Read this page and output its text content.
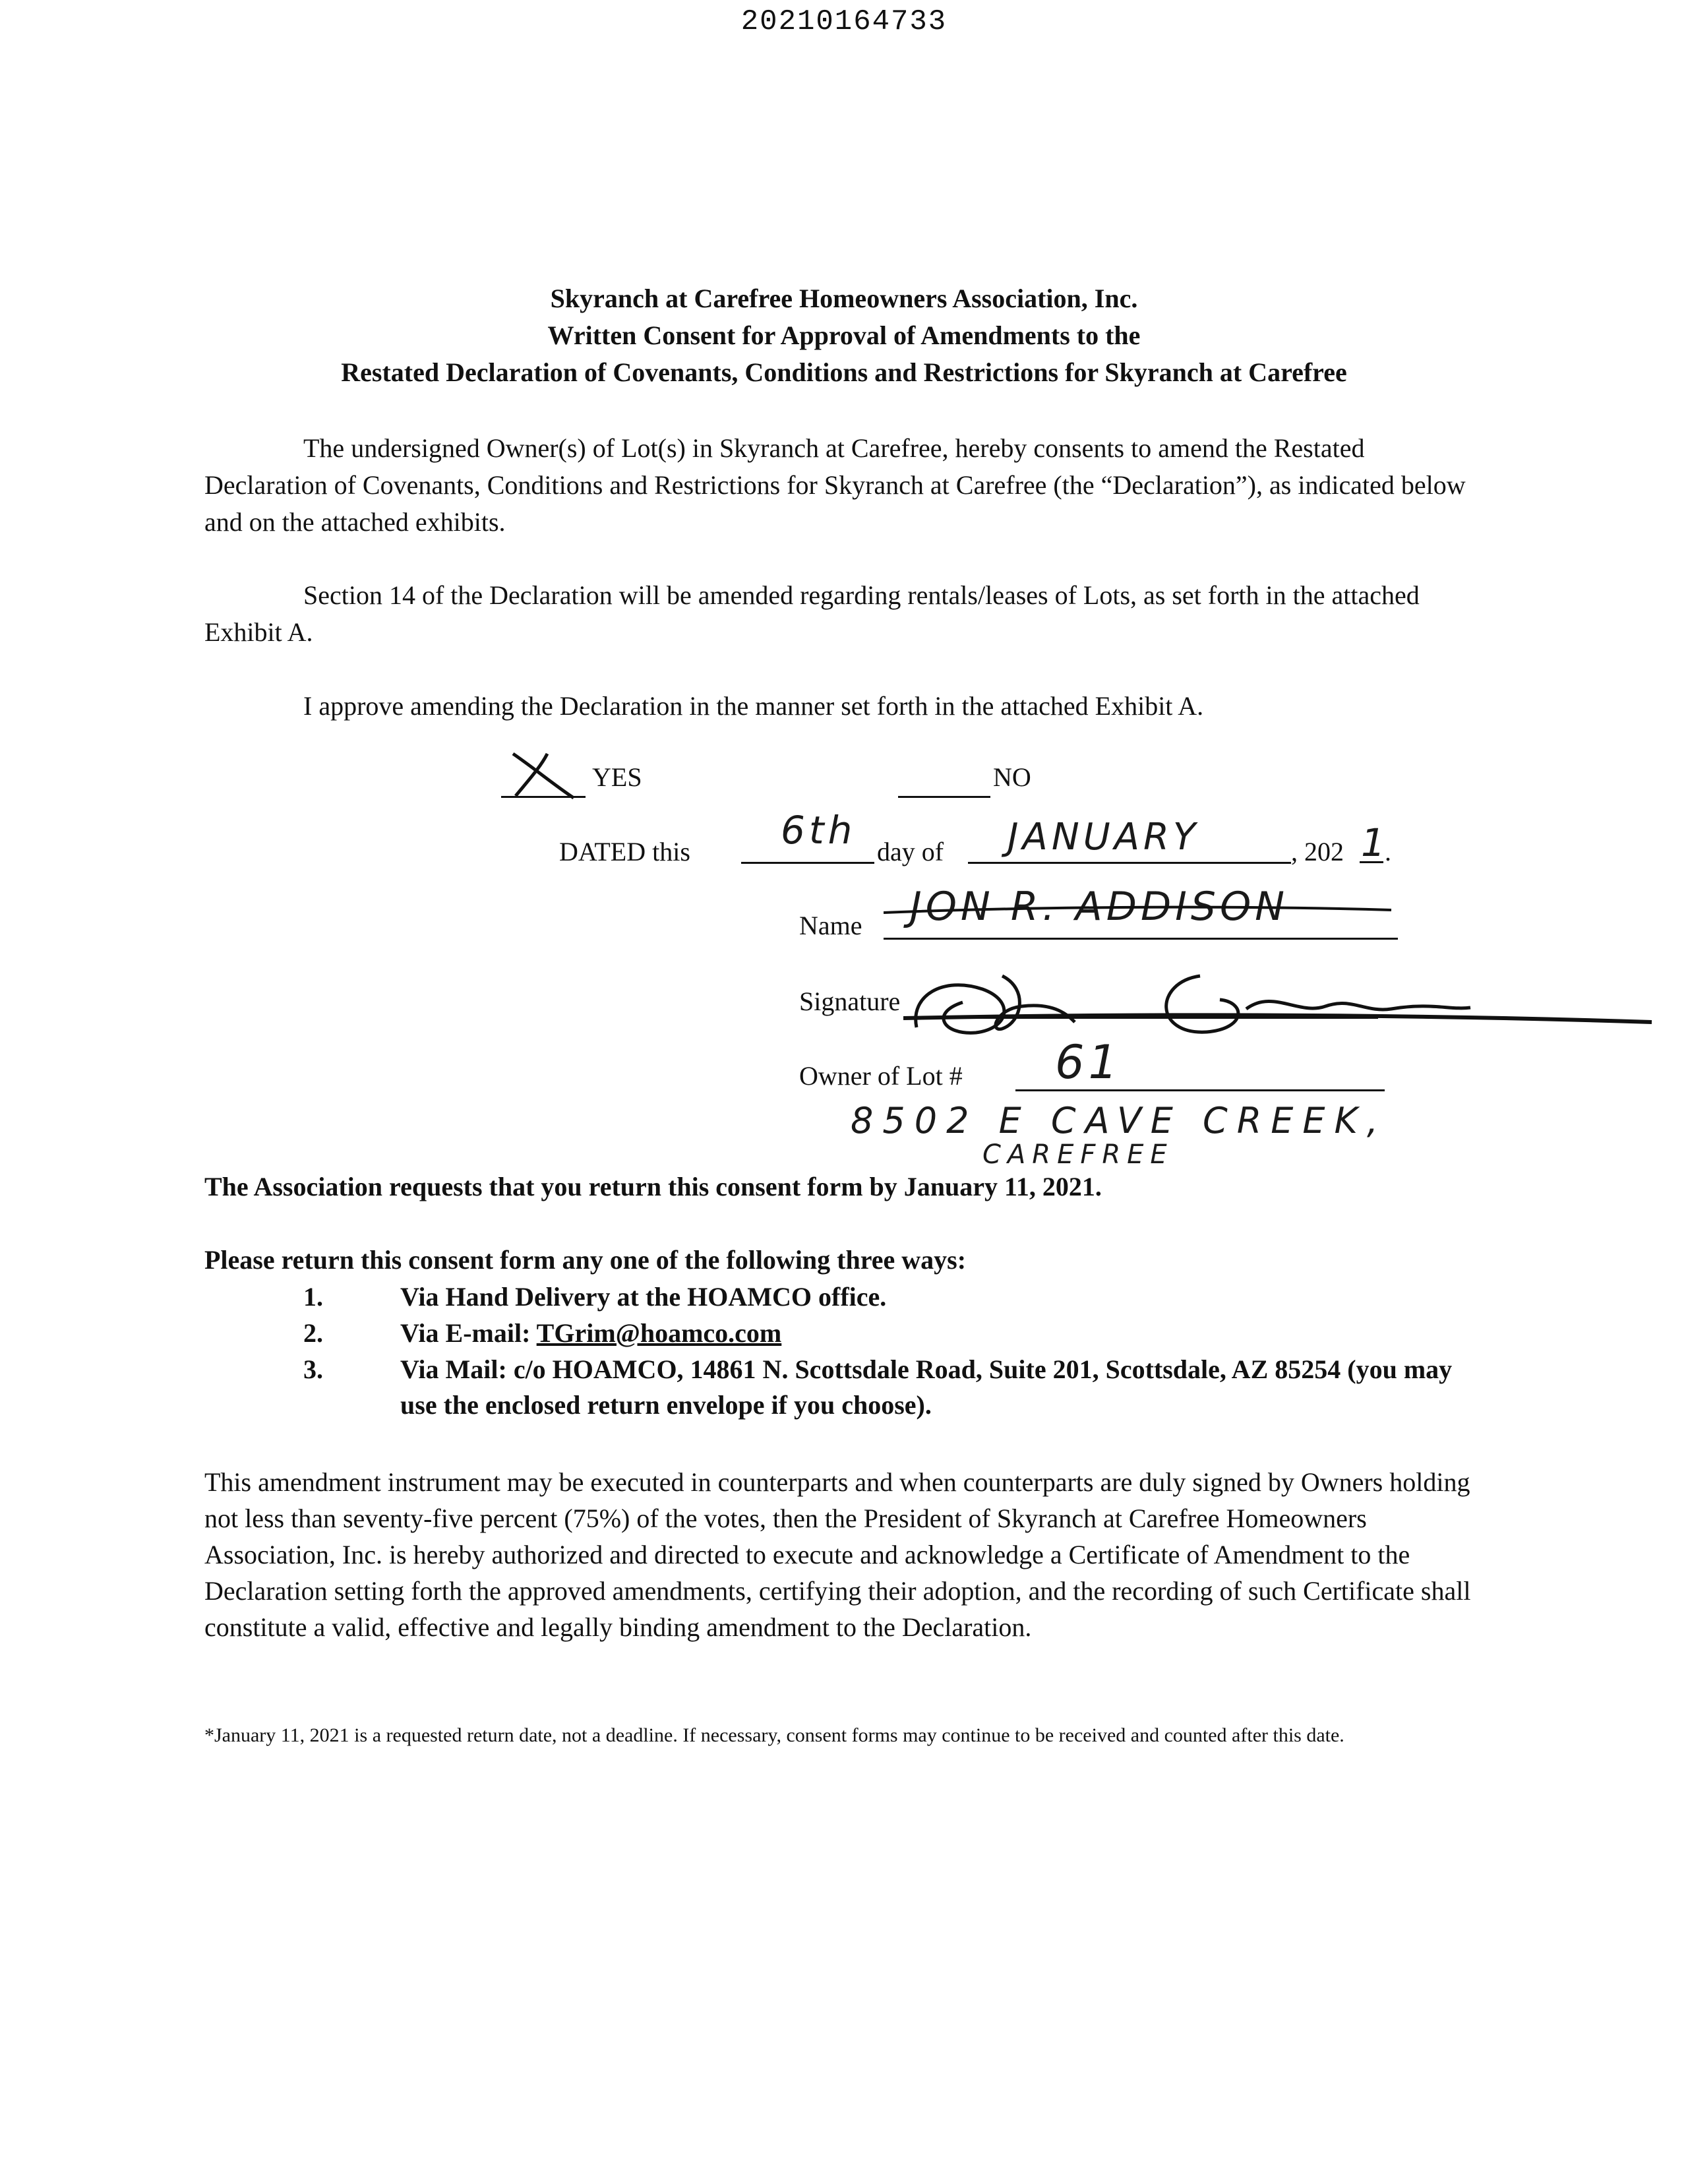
20210164733
Skyranch at Carefree Homeowners Association, Inc.
Written Consent for Approval of Amendments to the
Restated Declaration of Covenants, Conditions and Restrictions for Skyranch at Carefree
The undersigned Owner(s) of Lot(s) in Skyranch at Carefree, hereby consents to amend the Restated Declaration of Covenants, Conditions and Restrictions for Skyranch at Carefree (the “Declaration”), as indicated below and on the attached exhibits.
Section 14 of the Declaration will be amended regarding rentals/leases of Lots, as set forth in the attached Exhibit A.
I approve amending the Declaration in the manner set forth in the attached Exhibit A.
YES	NO
DATED this 6th day of JANUARY	, 202 1 .
Name JON R. ADDISON
Signature
Owner of Lot # 61
8502 E CAVE CREEK,
CAREFREE
The Association requests that you return this consent form by January 11, 2021.
Please return this consent form any one of the following three ways:
1.	Via Hand Delivery at the HOAMCO office.
2.	Via E-mail: TGrim@hoamco.com
3.	Via Mail: c/o HOAMCO, 14861 N. Scottsdale Road, Suite 201, Scottsdale, AZ 85254 (you may use the enclosed return envelope if you choose).
This amendment instrument may be executed in counterparts and when counterparts are duly signed by Owners holding not less than seventy-five percent (75%) of the votes, then the President of Skyranch at Carefree Homeowners Association, Inc. is hereby authorized and directed to execute and acknowledge a Certificate of Amendment to the Declaration setting forth the approved amendments, certifying their adoption, and the recording of such Certificate shall constitute a valid, effective and legally binding amendment to the Declaration.
*January 11, 2021 is a requested return date, not a deadline. If necessary, consent forms may continue to be received and counted after this date.
